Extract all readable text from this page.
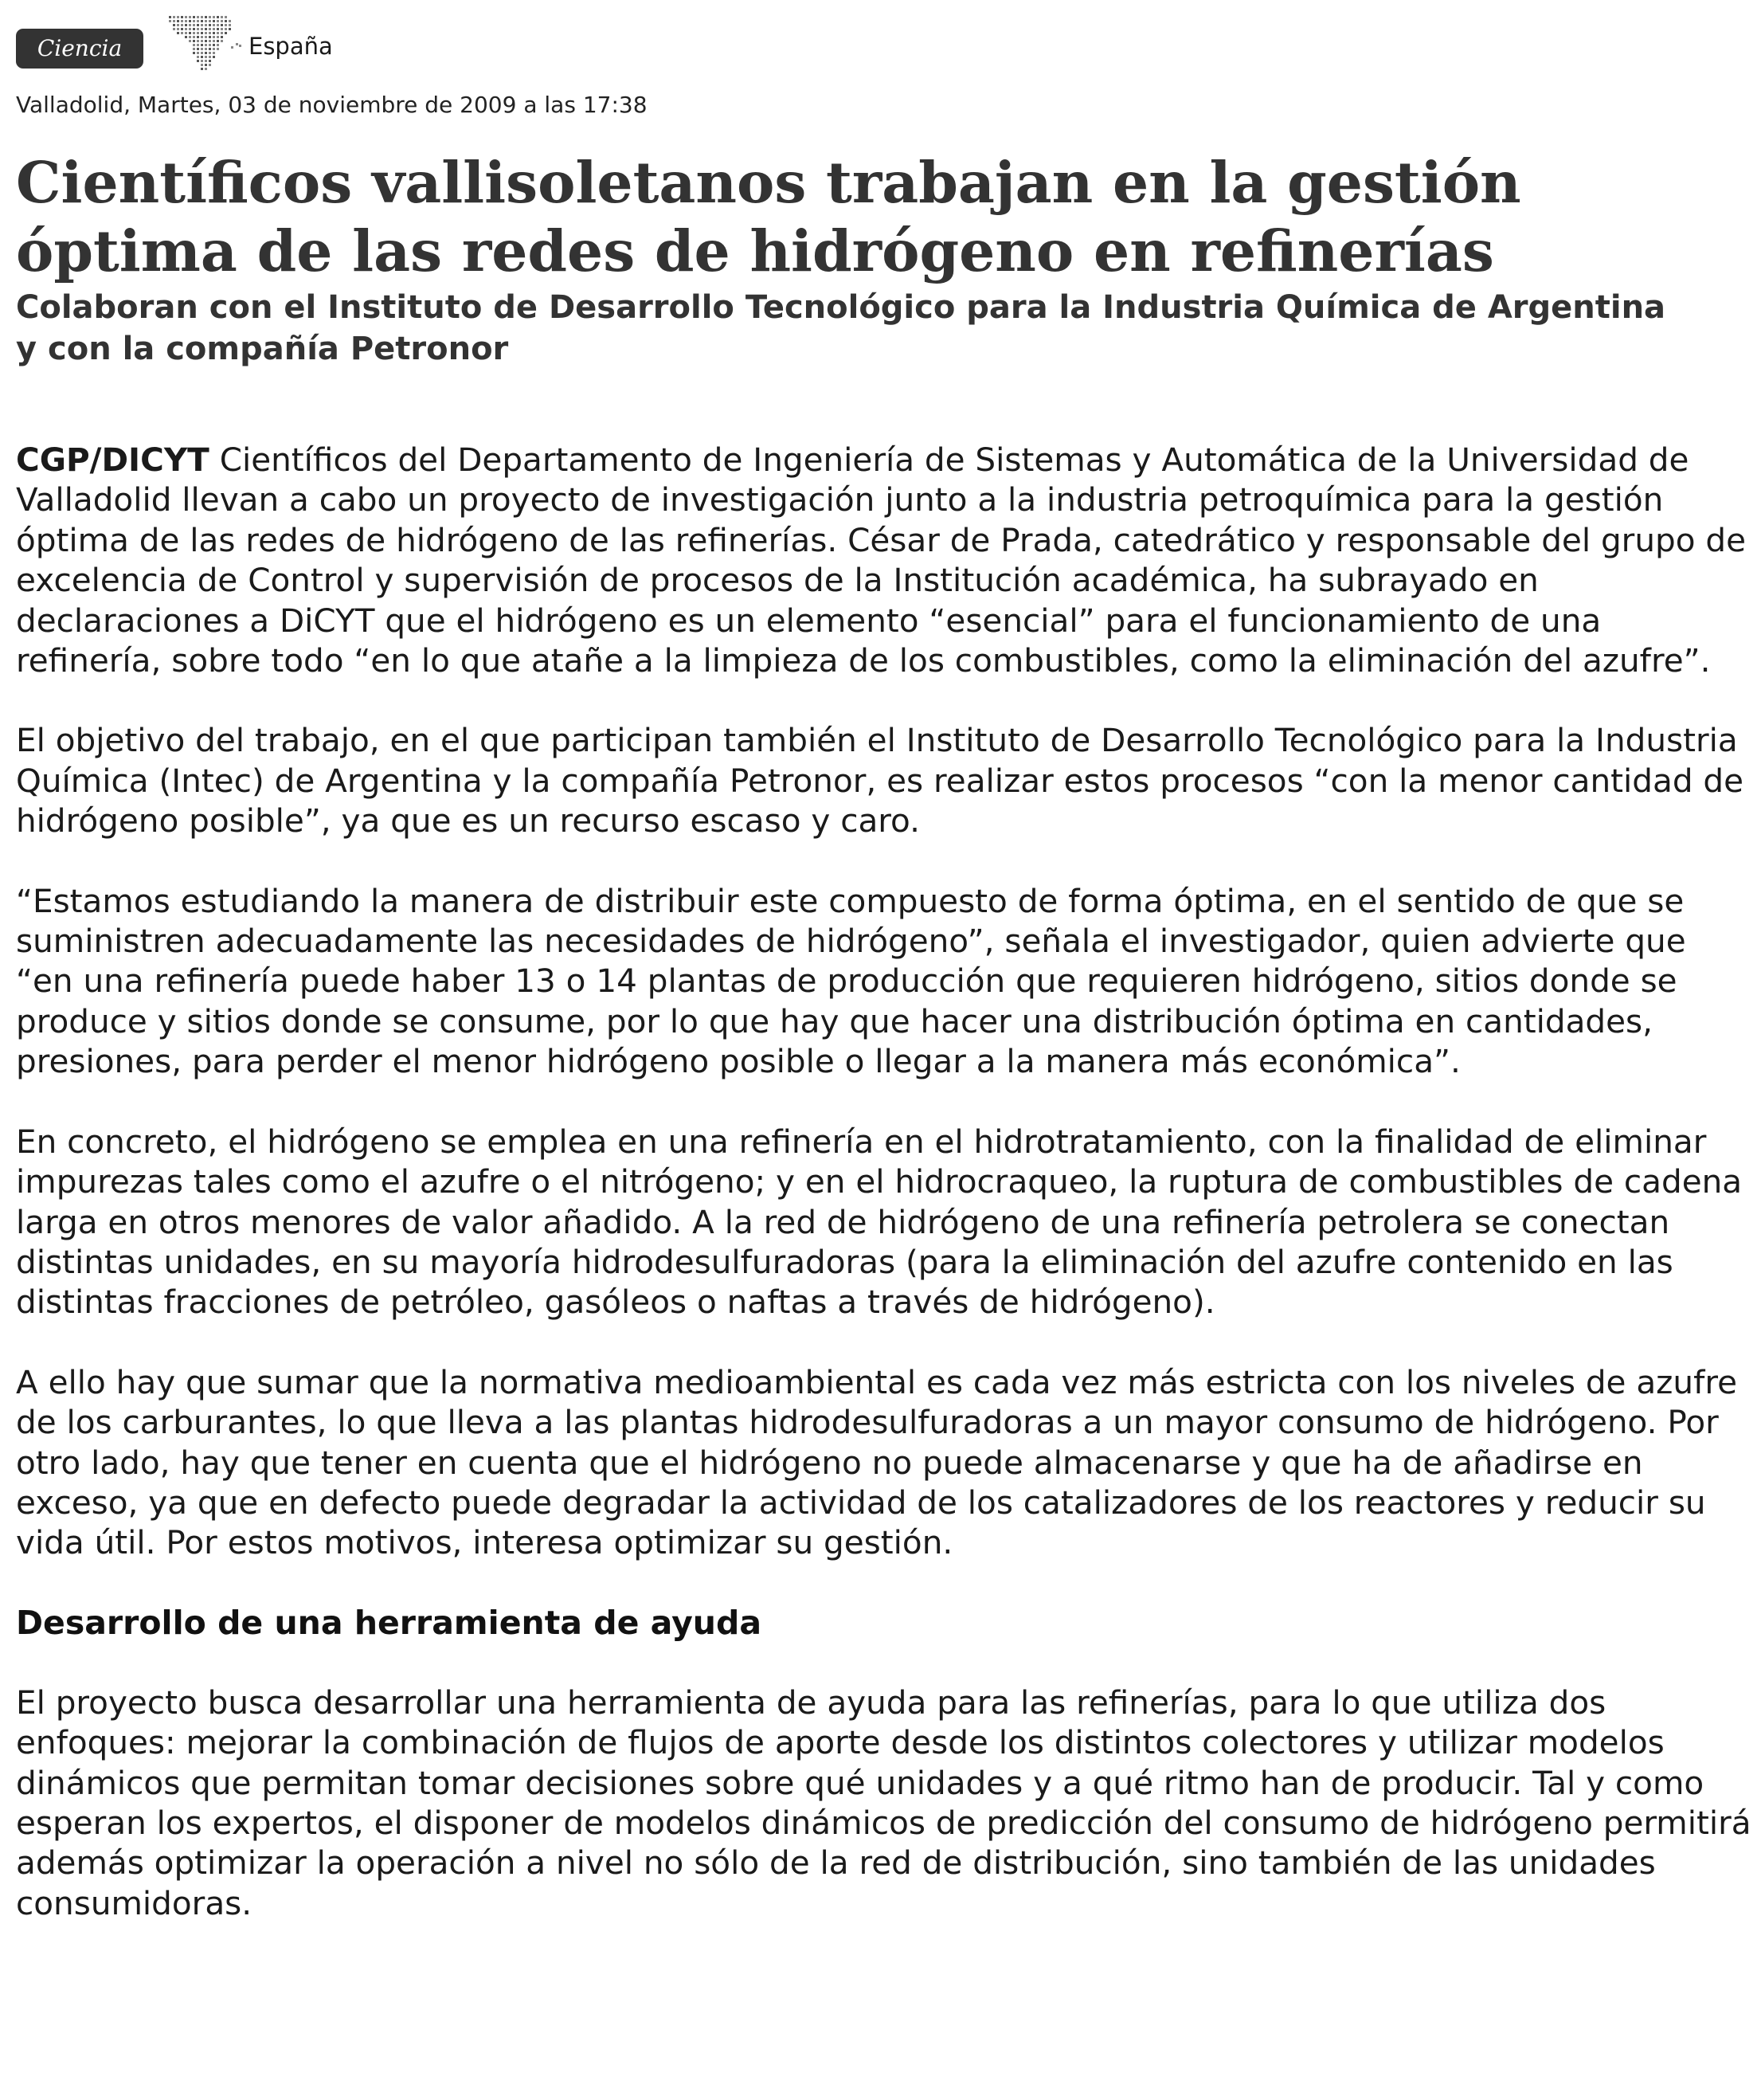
Ciencia	España
Valladolid, Martes, 03 de noviembre de 2009 a las 17:38
Científicos vallisoletanos trabajan en la gestión óptima de las redes de hidrógeno en refinerías
Colaboran con el Instituto de Desarrollo Tecnológico para la Industria Química de Argentina y con la compañía Petronor

CGP/DICYT Científicos del Departamento de Ingeniería de Sistemas y Automática de la Universidad de Valladolid llevan a cabo un proyecto de investigación junto a la industria petroquímica para la gestión óptima de las redes de hidrógeno de las refinerías. César de Prada, catedrático y responsable del grupo de excelencia de Control y supervisión de procesos de la Institución académica, ha subrayado en declaraciones a DiCYT que el hidrógeno es un elemento “esencial” para el funcionamiento de una refinería, sobre todo “en lo que atañe a la limpieza de los combustibles, como la eliminación del azufre”.

El objetivo del trabajo, en el que participan también el Instituto de Desarrollo Tecnológico para la Industria Química (Intec) de Argentina y la compañía Petronor, es realizar estos procesos “con la menor cantidad de hidrógeno posible”, ya que es un recurso escaso y caro.

“Estamos estudiando la manera de distribuir este compuesto de forma óptima, en el sentido de que se suministren adecuadamente las necesidades de hidrógeno”, señala el investigador, quien advierte que “en una refinería puede haber 13 o 14 plantas de producción que requieren hidrógeno, sitios donde se produce y sitios donde se consume, por lo que hay que hacer una distribución óptima en cantidades, presiones, para perder el menor hidrógeno posible o llegar a la manera más económica”.

En concreto, el hidrógeno se emplea en una refinería en el hidrotratamiento, con la finalidad de eliminar impurezas tales como el azufre o el nitrógeno; y en el hidrocraqueo, la ruptura de combustibles de cadena larga en otros menores de valor añadido. A la red de hidrógeno de una refinería petrolera se conectan distintas unidades, en su mayoría hidrodesulfuradoras (para la eliminación del azufre contenido en las distintas fracciones de petróleo, gasóleos o naftas a través de hidrógeno).

A ello hay que sumar que la normativa medioambiental es cada vez más estricta con los niveles de azufre de los carburantes, lo que lleva a las plantas hidrodesulfuradoras a un mayor consumo de hidrógeno. Por otro lado, hay que tener en cuenta que el hidrógeno no puede almacenarse y que ha de añadirse en exceso, ya que en defecto puede degradar la actividad de los catalizadores de los reactores y reducir su vida útil. Por estos motivos, interesa optimizar su gestión.

Desarrollo de una herramienta de ayuda

El proyecto busca desarrollar una herramienta de ayuda para las refinerías, para lo que utiliza dos enfoques: mejorar la combinación de flujos de aporte desde los distintos colectores y utilizar modelos dinámicos que permitan tomar decisiones sobre qué unidades y a qué ritmo han de producir. Tal y como esperan los expertos, el disponer de modelos dinámicos de predicción del consumo de hidrógeno permitirá además optimizar la operación a nivel no sólo de la red de distribución, sino también de las unidades consumidoras.
